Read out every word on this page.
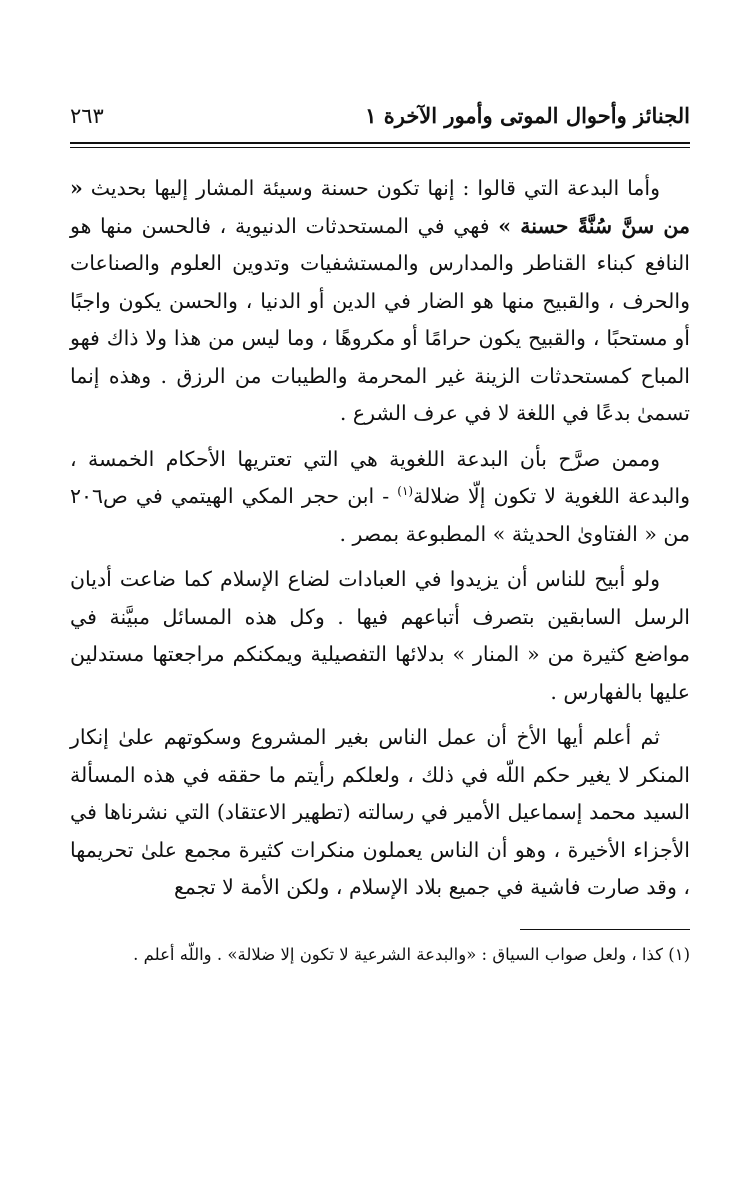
الجنائز وأحوال الموتى وأمور الآخرة ١
٢٦٣

وأما البدعة التي قالوا : إنها تكون حسنة وسيئة المشار إليها بحديث « من سنَّ سُنَّةً حسنة » فهي في المستحدثات الدنيوية ، فالحسن منها هو النافع كبناء القناطر والمدارس والمستشفيات وتدوين العلوم والصناعات والحرف ، والقبيح منها هو الضار في الدين أو الدنيا ، والحسن يكون واجبًا أو مستحبًا ، والقبيح يكون حرامًا أو مكروهًا ، وما ليس من هذا ولا ذاك فهو المباح كمستحدثات الزينة غير المحرمة والطيبات من الرزق . وهذه إنما تسمىٰ بدعًا في اللغة لا في عرف الشرع .

وممن صرَّح بأن البدعة اللغوية هي التي تعتريها الأحكام الخمسة ، والبدعة اللغوية لا تكون إلّا ضلالة$^{(١)}$ - ابن حجر المكي الهيتمي في ص٢٠٦ من « الفتاوىٰ الحديثة » المطبوعة بمصر .

ولو أبيح للناس أن يزيدوا في العبادات لضاع الإسلام كما ضاعت أديان الرسل السابقين بتصرف أتباعهم فيها . وكل هذه المسائل مبيَّنة في مواضع كثيرة من « المنار » بدلائها التفصيلية ويمكنكم مراجعتها مستدلين عليها بالفهارس .

ثم أعلم أيها الأخ أن عمل الناس بغير المشروع وسكوتهم علىٰ إنكار المنكر لا يغير حكم اللّه في ذلك ، ولعلكم رأيتم ما حققه في هذه المسألة السيد محمد إسماعيل الأمير في رسالته (تطهير الاعتقاد) التي نشرناها في الأجزاء الأخيرة ، وهو أن الناس يعملون منكرات كثيرة مجمع علىٰ تحريمها ، وقد صارت فاشية في جميع بلاد الإسلام ، ولكن الأمة لا تجمع

(١) كذا ، ولعل صواب السياق : «والبدعة الشرعية لا تكون إلا ضلالة» . واللّه أعلم .
